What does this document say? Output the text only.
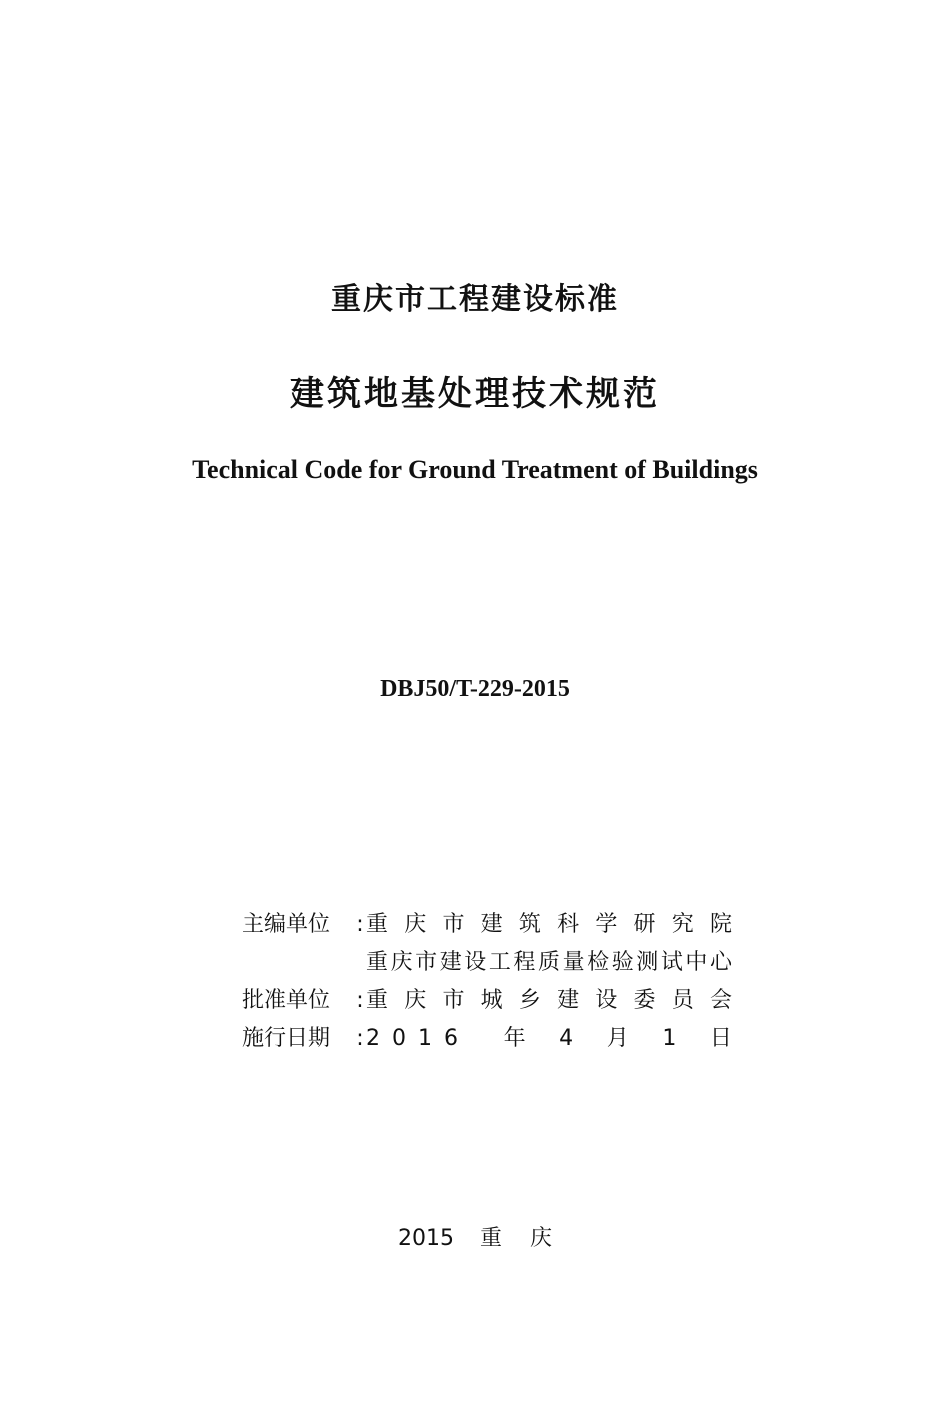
重庆市工程建设标准
建筑地基处理技术规范
Technical Code for Ground Treatment of Buildings
DBJ50/T-229-2015
主编单位	: 重庆市建筑科学研究院
重庆市建设工程质量检验测试中心
批准单位	: 重庆市城乡建设委员会
施行日期	: 2016 年 4 月 1 日
2015 重 庆
